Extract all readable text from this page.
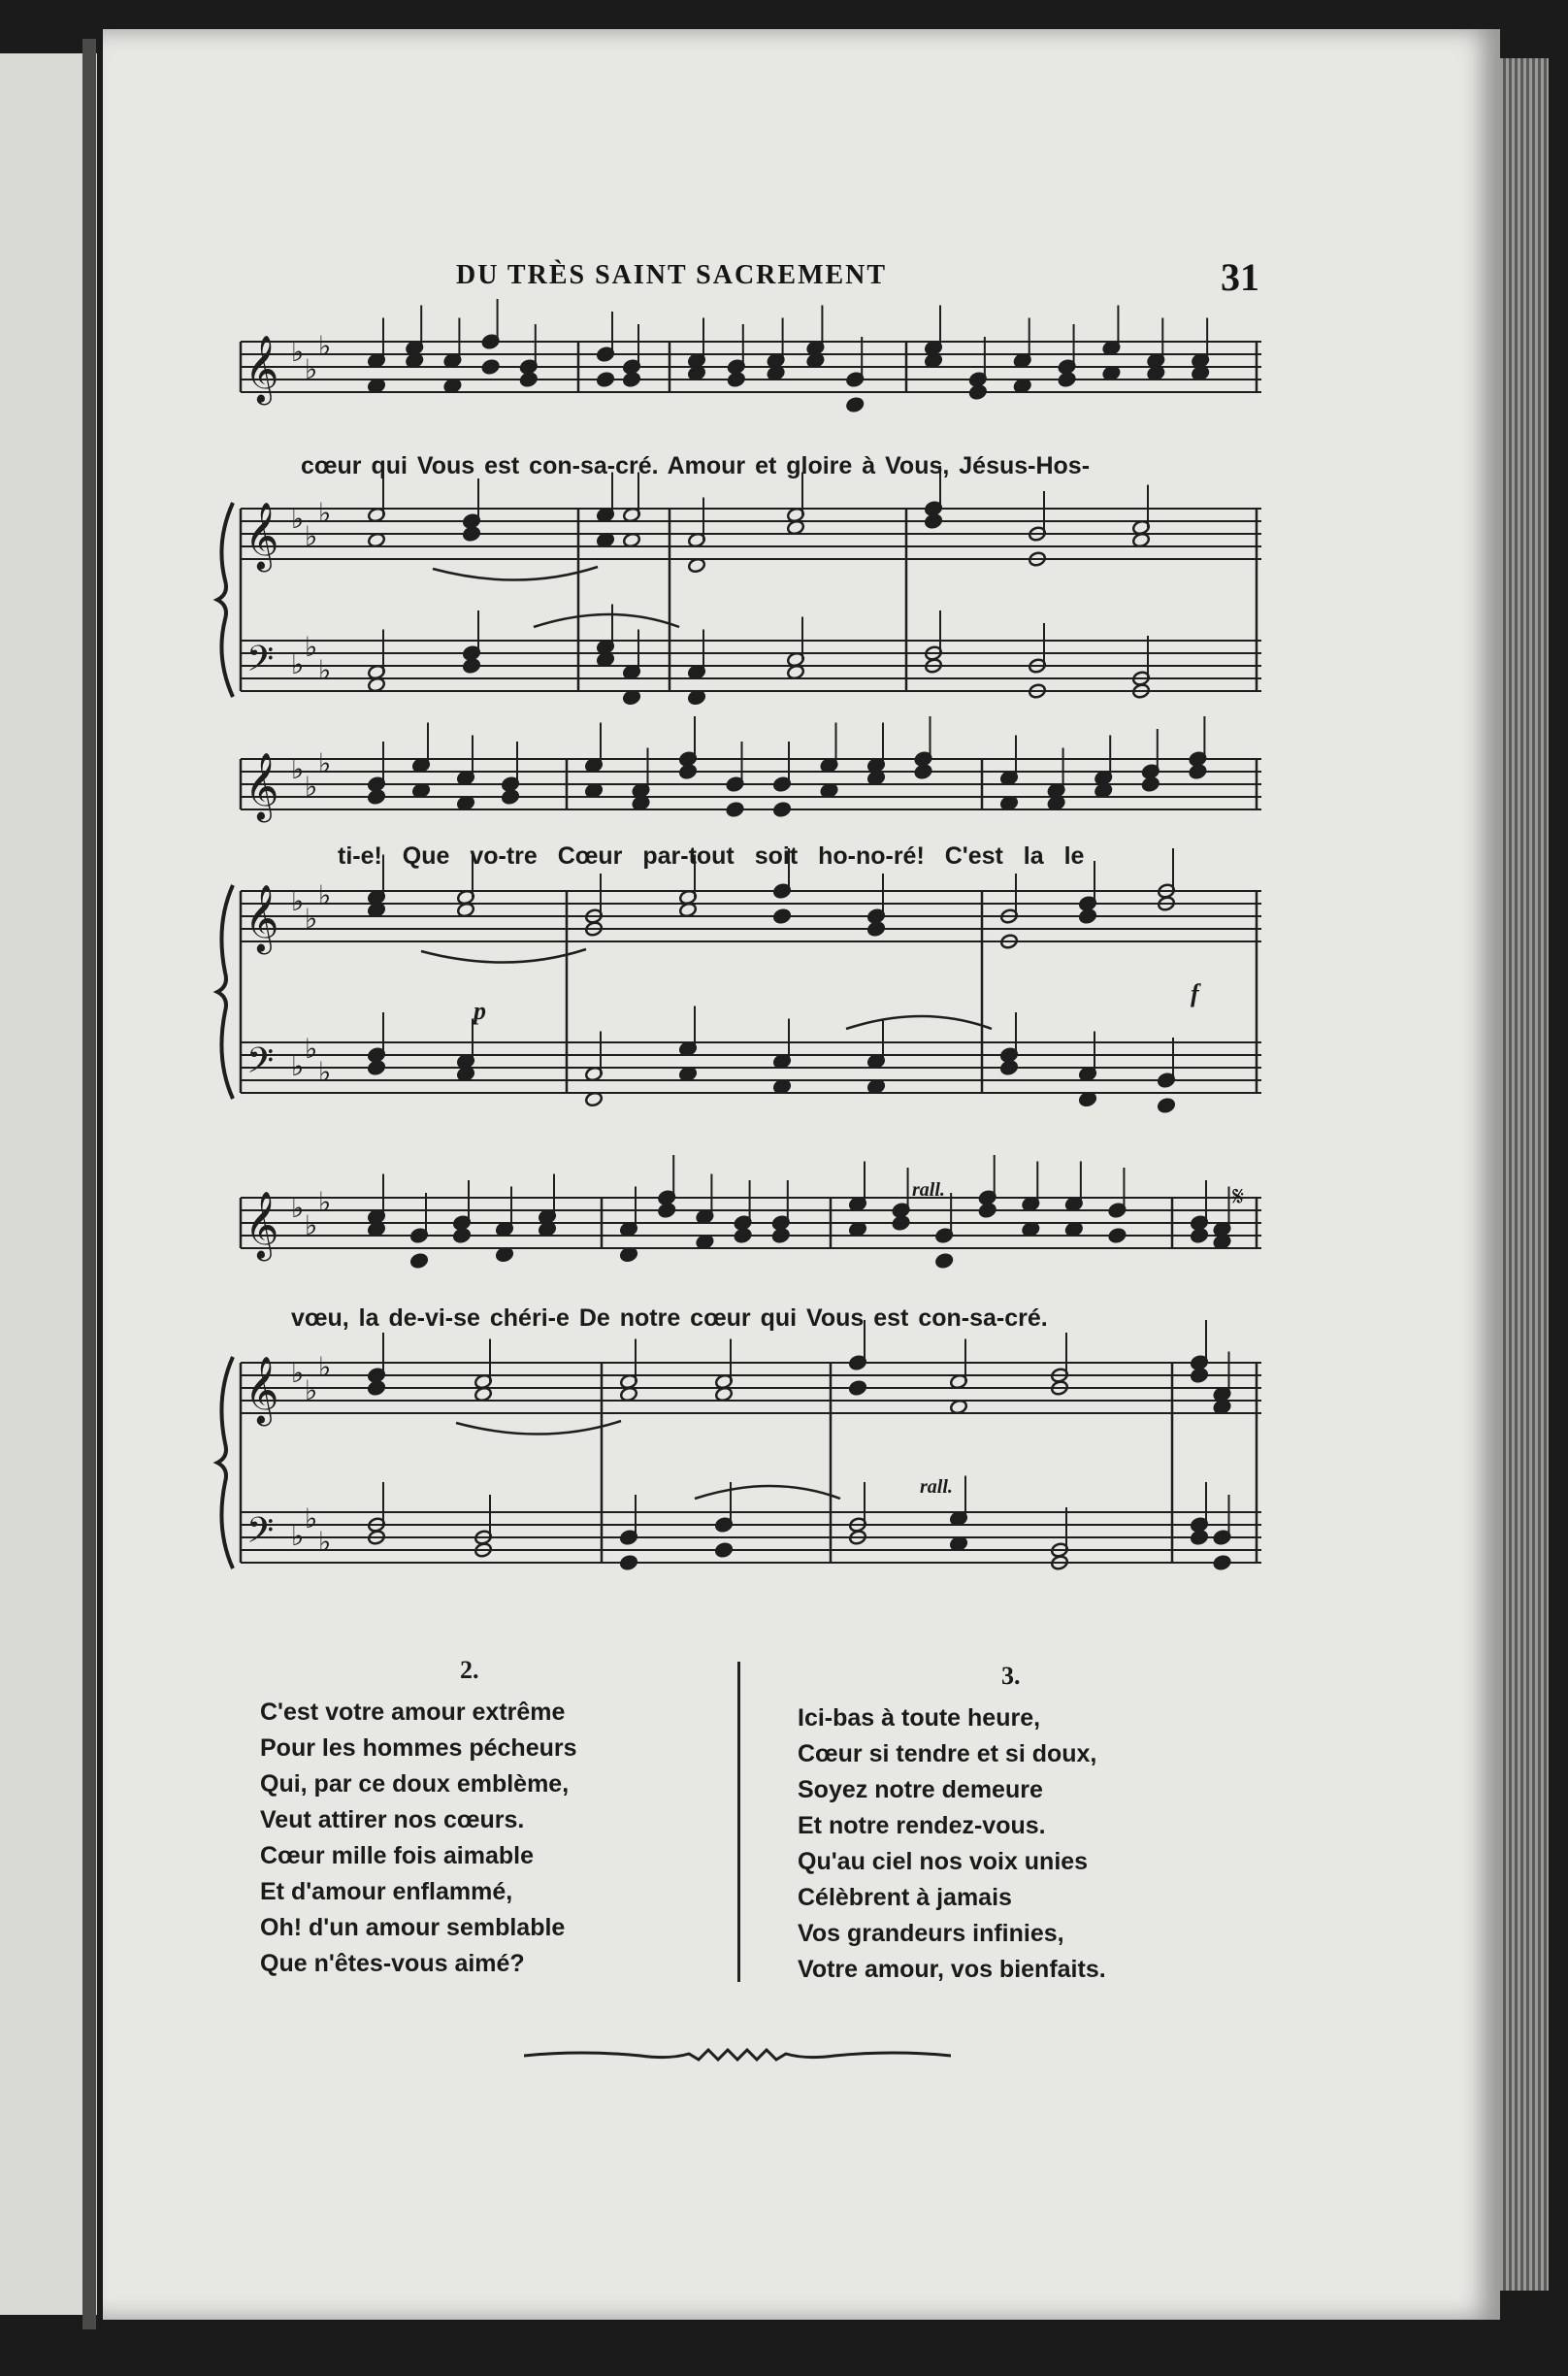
DU TRÈS SAINT SACREMENT	31
𝄞
𝄞
𝄢
♭
♭
♭
♭
♭
♭
♭
♭
♭
𝄞
𝄞
𝄢
♭
♭
♭
♭
♭
♭
♭
♭
♭
𝄞
𝄞
𝄢
♭
♭
♭
♭
♭
♭
♭
♭
♭
rall.
rall.
p
f
𝄋
cœur qui Vous est con-sa-cré. Amour et gloire à Vous, Jésus-Hos-
ti-e! Que vo-tre Cœur par-tout soit ho-no-ré! C'est la le
vœu, la de-vi-se chéri-e De notre cœur qui Vous est con-sa-cré.
2.
C'est votre amour extrême
Pour les hommes pécheurs
Qui, par ce doux emblème,
Veut attirer nos cœurs.
Cœur mille fois aimable
Et d'amour enflammé,
Oh! d'un amour semblable
Que n'êtes-vous aimé?
3.
Ici-bas à toute heure,
Cœur si tendre et si doux,
Soyez notre demeure
Et notre rendez-vous.
Qu'au ciel nos voix unies
Célèbrent à jamais
Vos grandeurs infinies,
Votre amour, vos bienfaits.
